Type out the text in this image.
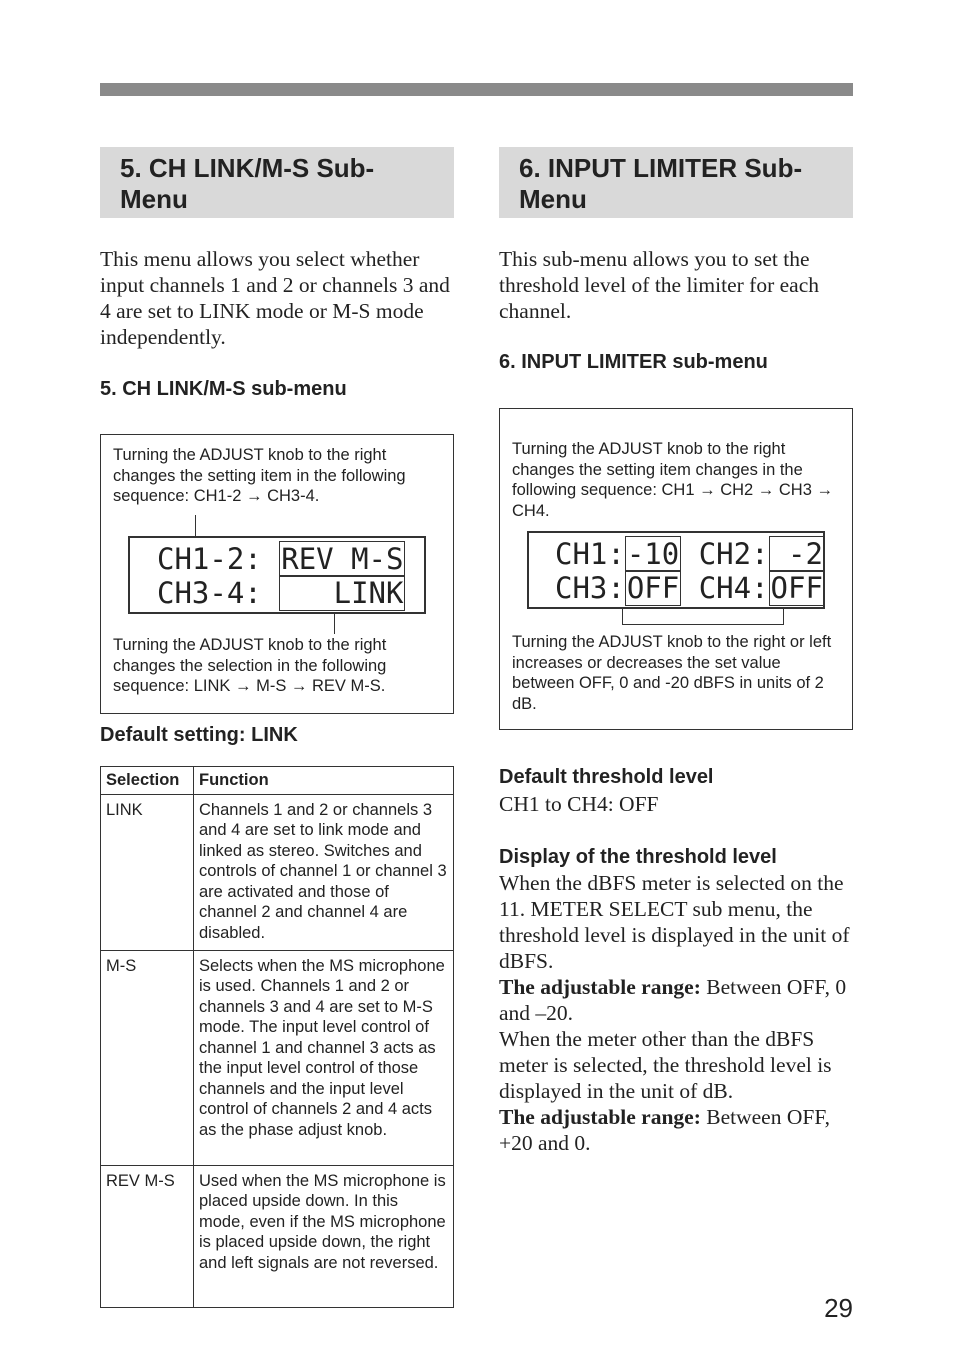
5. CH LINK/M-S Sub-
Menu
This menu allows you select whether input channels 1 and 2 or channels 3 and 4 are set to LINK mode or M-S mode independently.
5. CH LINK/M-S sub-menu
Turning the ADJUST knob to the right changes the setting item in the following sequence: CH1-2 → CH3-4.
CH1-2: REV M-S
CH3-4:    LINK
Turning the ADJUST knob to the right changes the selection in the following sequence: LINK → M-S → REV M-S.
Default setting: LINK
Selection	Function
LINK	Channels 1 and 2 or channels 3 and 4 are set to link mode and linked as stereo. Switches and controls of channel 1 or channel 3 are activated and those of channel 2 and channel 4 are disabled.
M-S	Selects when the MS microphone is used. Channels 1 and 2 or channels 3 and 4 are set to M-S mode. The input level control of channel 1 and channel 3 acts as the input level control of those channels and the input level control of channels 2 and 4 acts as the phase adjust knob.
REV M-S	Used when the MS microphone is placed upside down. In this mode, even if the MS microphone is placed upside down, the right and left signals are not reversed.
6. INPUT LIMITER Sub-
Menu
This sub-menu allows you to set the threshold level of the limiter for each channel.
6. INPUT LIMITER sub-menu
Turning the ADJUST knob to the right changes the setting item changes in the following sequence: CH1 → CH2 → CH3 → CH4.
CH1:-10 CH2: -2
CH3:OFF CH4:OFF
Turning the ADJUST knob to the right or left increases or decreases the set value between OFF, 0 and -20 dBFS in units of 2 dB.
Default threshold level
CH1 to CH4: OFF
Display of the threshold level
When the dBFS meter is selected on the 11. METER SELECT sub menu, the threshold level is displayed in the unit of dBFS.
The adjustable range: Between OFF, 0 and –20.
When the meter other than the dBFS meter is selected, the threshold level is displayed in the unit of dB.
The adjustable range: Between OFF, +20 and 0.
29
